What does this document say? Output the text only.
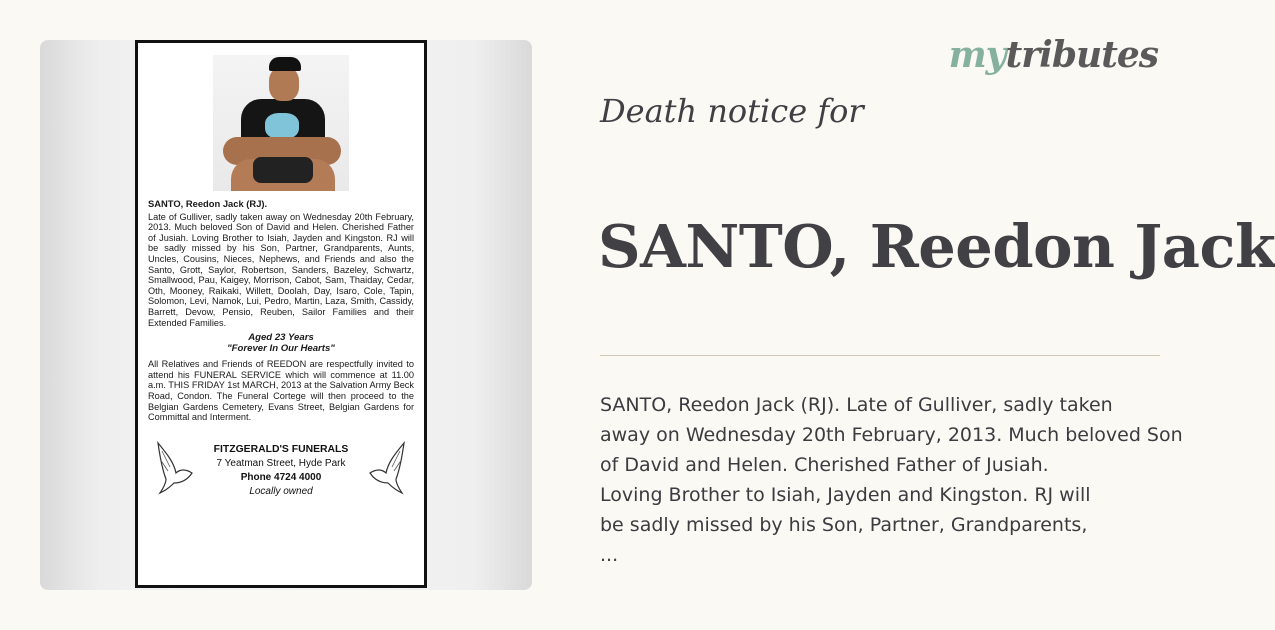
SANTO, Reedon Jack (RJ).

Late of Gulliver, sadly taken away on Wednesday 20th February, 2013. Much beloved Son of David and Helen. Cherished Father of Jusiah. Loving Brother to Isiah, Jayden and Kingston. RJ will be sadly missed by his Son, Partner, Grandparents, Aunts, Uncles, Cousins, Nieces, Nephews, and Friends and also the Santo, Grott, Saylor, Robertson, Sanders, Bazeley, Schwartz, Smallwood, Pau, Kaigey, Morrison, Cabot, Sam, Thaiday, Cedar, Oth, Mooney, Raikaki, Willett, Doolah, Day, Isaro, Cole, Tapin, Solomon, Levi, Namok, Lui, Pedro, Martin, Laza, Smith, Cassidy, Barrett, Devow, Pensio, Reuben, Sailor Families and their Extended Families.

Aged 23 Years

"Forever In Our Hearts"

All Relatives and Friends of REEDON are respectfully invited to attend his FUNERAL SERVICE which will commence at 11.00 a.m. THIS FRIDAY 1st MARCH, 2013 at the Salvation Army Beck Road, Condon. The Funeral Cortege will then proceed to the Belgian Gardens Cemetery, Evans Street, Belgian Gardens for Committal and Interment.

FITZGERALD'S FUNERALS
7 Yeatman Street, Hyde Park
Phone 4724 4000
Locally owned
mytributes
Death notice for
SANTO, Reedon Jack
SANTO, Reedon Jack (RJ). Late of Gulliver, sadly taken
away on Wednesday 20th February, 2013. Much beloved Son
of David and Helen. Cherished Father of Jusiah.
Loving Brother to Isiah, Jayden and Kingston. RJ will
be sadly missed by his Son, Partner, Grandparents,
...
